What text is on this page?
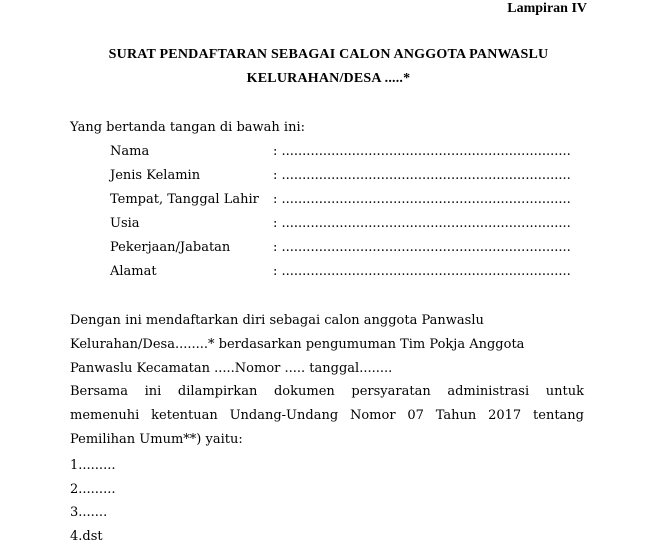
Lampiran IV
SURAT PENDAFTARAN SEBAGAI CALON ANGGOTA PANWASLU
KELURAHAN/DESA .....*
Yang bertanda tangan di bawah ini:
Nama	: ......................................................................
Jenis Kelamin	: ......................................................................
Tempat, Tanggal Lahir : ......................................................................
Usia	: ......................................................................
Pekerjaan/Jabatan	: ......................................................................
Alamat	: ......................................................................
Dengan ini mendaftarkan diri sebagai calon anggota Panwaslu
Kelurahan/Desa........* berdasarkan pengumuman Tim Pokja Anggota
Panwaslu Kecamatan .....Nomor ..... tanggal........
Bersama ini dilampirkan dokumen persyaratan administrasi untuk
memenuhi ketentuan Undang-Undang Nomor 07 Tahun 2017 tentang
Pemilihan Umum**) yaitu:
1.........
2.........
3.......
4.dst
